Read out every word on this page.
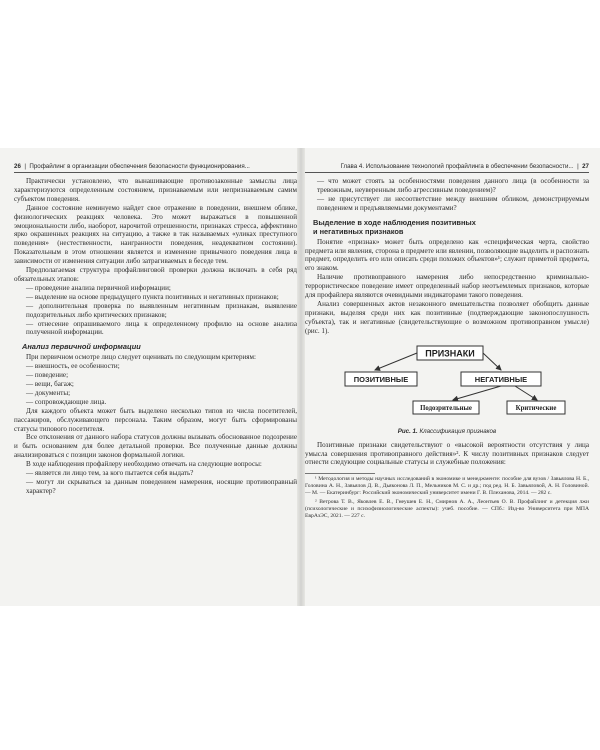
26  |  Профайлинг в организации обеспечения безопасности функционирования...

Практически установлено, что вынашивающие противозаконные замыслы лица характеризуются определенным состоянием, признаваемым или непризнаваемым самим субъектом поведения.

Данное состояние неминуемо найдет свое отражение в поведении, внешнем облике, физиологических реакциях человека. Это может выражаться в повышенной эмоциональности либо, наоборот, нарочитой отрешенности, признаках стресса, аффективно ярко окрашенных реакциях на ситуацию, а также в так называемых «уликах преступного поведения» (нестественности, наигранности поведения, неадекватном состоянии). Показательным в этом отношении является и изменение привычного поведения лица в зависимости от изменения ситуации либо затрагиваемых в беседе тем.

Предполагаемая структура профайлинговой проверки должна включать в себя ряд обязательных этапов:

— проведение анализа первичной информации;

— выделение на основе предыдущего пункта позитивных и негативных признаков;

— дополнительная проверка по выявленным негативным признакам, выявление подозрительных либо критических признаков;

— отнесение опрашиваемого лица к определенному профилю на основе анализа полученной информации.

Анализ первичной информации

При первичном осмотре лицо следует оценивать по следующим критериям:

— внешность, ее особенности;

— поведение;

— вещи, багаж;

— документы;

— сопровождающие лица.

Для каждого объекта может быть выделено несколько типов из числа посетителей, пассажиров, обслуживающего персонала. Таким образом, могут быть сформированы статусы типового посетителя.

Все отклонения от данного набора статусов должны вызывать обоснованное подозрение и быть основанием для более детальной проверки. Все полученные данные должны анализироваться с позиции законов формальной логики.

В ходе наблюдения профайлеру необходимо отвечать на следующие вопросы:

— является ли лицо тем, за кого пытается себя выдать?

— могут ли скрываться за данным поведением намерения, носящие противоправный характер?

Глава 4. Использование технологий профайлинга в обеспечении безопасности...  |  27

— что может стоять за особенностями поведения данного лица (в особенности за тревожным, неуверенным либо агрессивным поведением)?

— не присутствует ли несоответствие между внешним обликом, демонстрируемым поведением и предъявляемыми документами?

Выделение в ходе наблюдения позитивных
и негативных признаков

Понятие «признак» может быть определено как «специфическая черта, свойство предмета или явления, сторона в предмете или явлении, позволяющие выделить и распознать предмет, определить его или описать среди похожих объектов»¹; служит приметой предмета, его знаком.

Наличие противоправного намерения либо непосредственно криминально-террористическое поведение имеет определенный набор неотъемлемых признаков, которые для профайлера являются очевидными индикаторами такого поведения.

Анализ совершенных актов незаконного вмешательства позволяет обобщить данные признаки, выделяя среди них как позитивные (подтверждающие законопослушность субъекта), так и негативные (свидетельствующие о возможном противоправном умысле) (рис. 1).

ПРИЗНАКИ
ПОЗИТИВНЫЕ	НЕГАТИВНЫЕ
Подозрительные	Критические

Рис. 1. Классификация признаков

Позитивные признаки свидетельствуют о «высокой вероятности отсутствия у лица умысла совершения противоправного действия»². К числу позитивных признаков следует отнести следующие социальные статусы и служебные положения:

¹ Методология и методы научных исследований в экономике и менеджменте: пособие для вузов / Завьялова Н. Б., Головина А. Н., Завьялов Д. В., Дьяконова Л. П., Мельников М. С. и др.; под ред. Н. Б. Завьяловой, А. Н. Головиной. — М. — Екатеринбург: Российский экономический университет имени Г. В. Плеханова, 2014. — 282 с.

² Ветрова Т. В., Яковлев Е. В., Гнеушев Е. Н., Смирнов А. А., Леонтьев О. В. Профайлинг и детекция лжи (психологические и психофизиологические аспекты): учеб. пособие. — СПб.: Изд-во Университета при МПА ЕврАзЭС, 2021. — 227 с.
